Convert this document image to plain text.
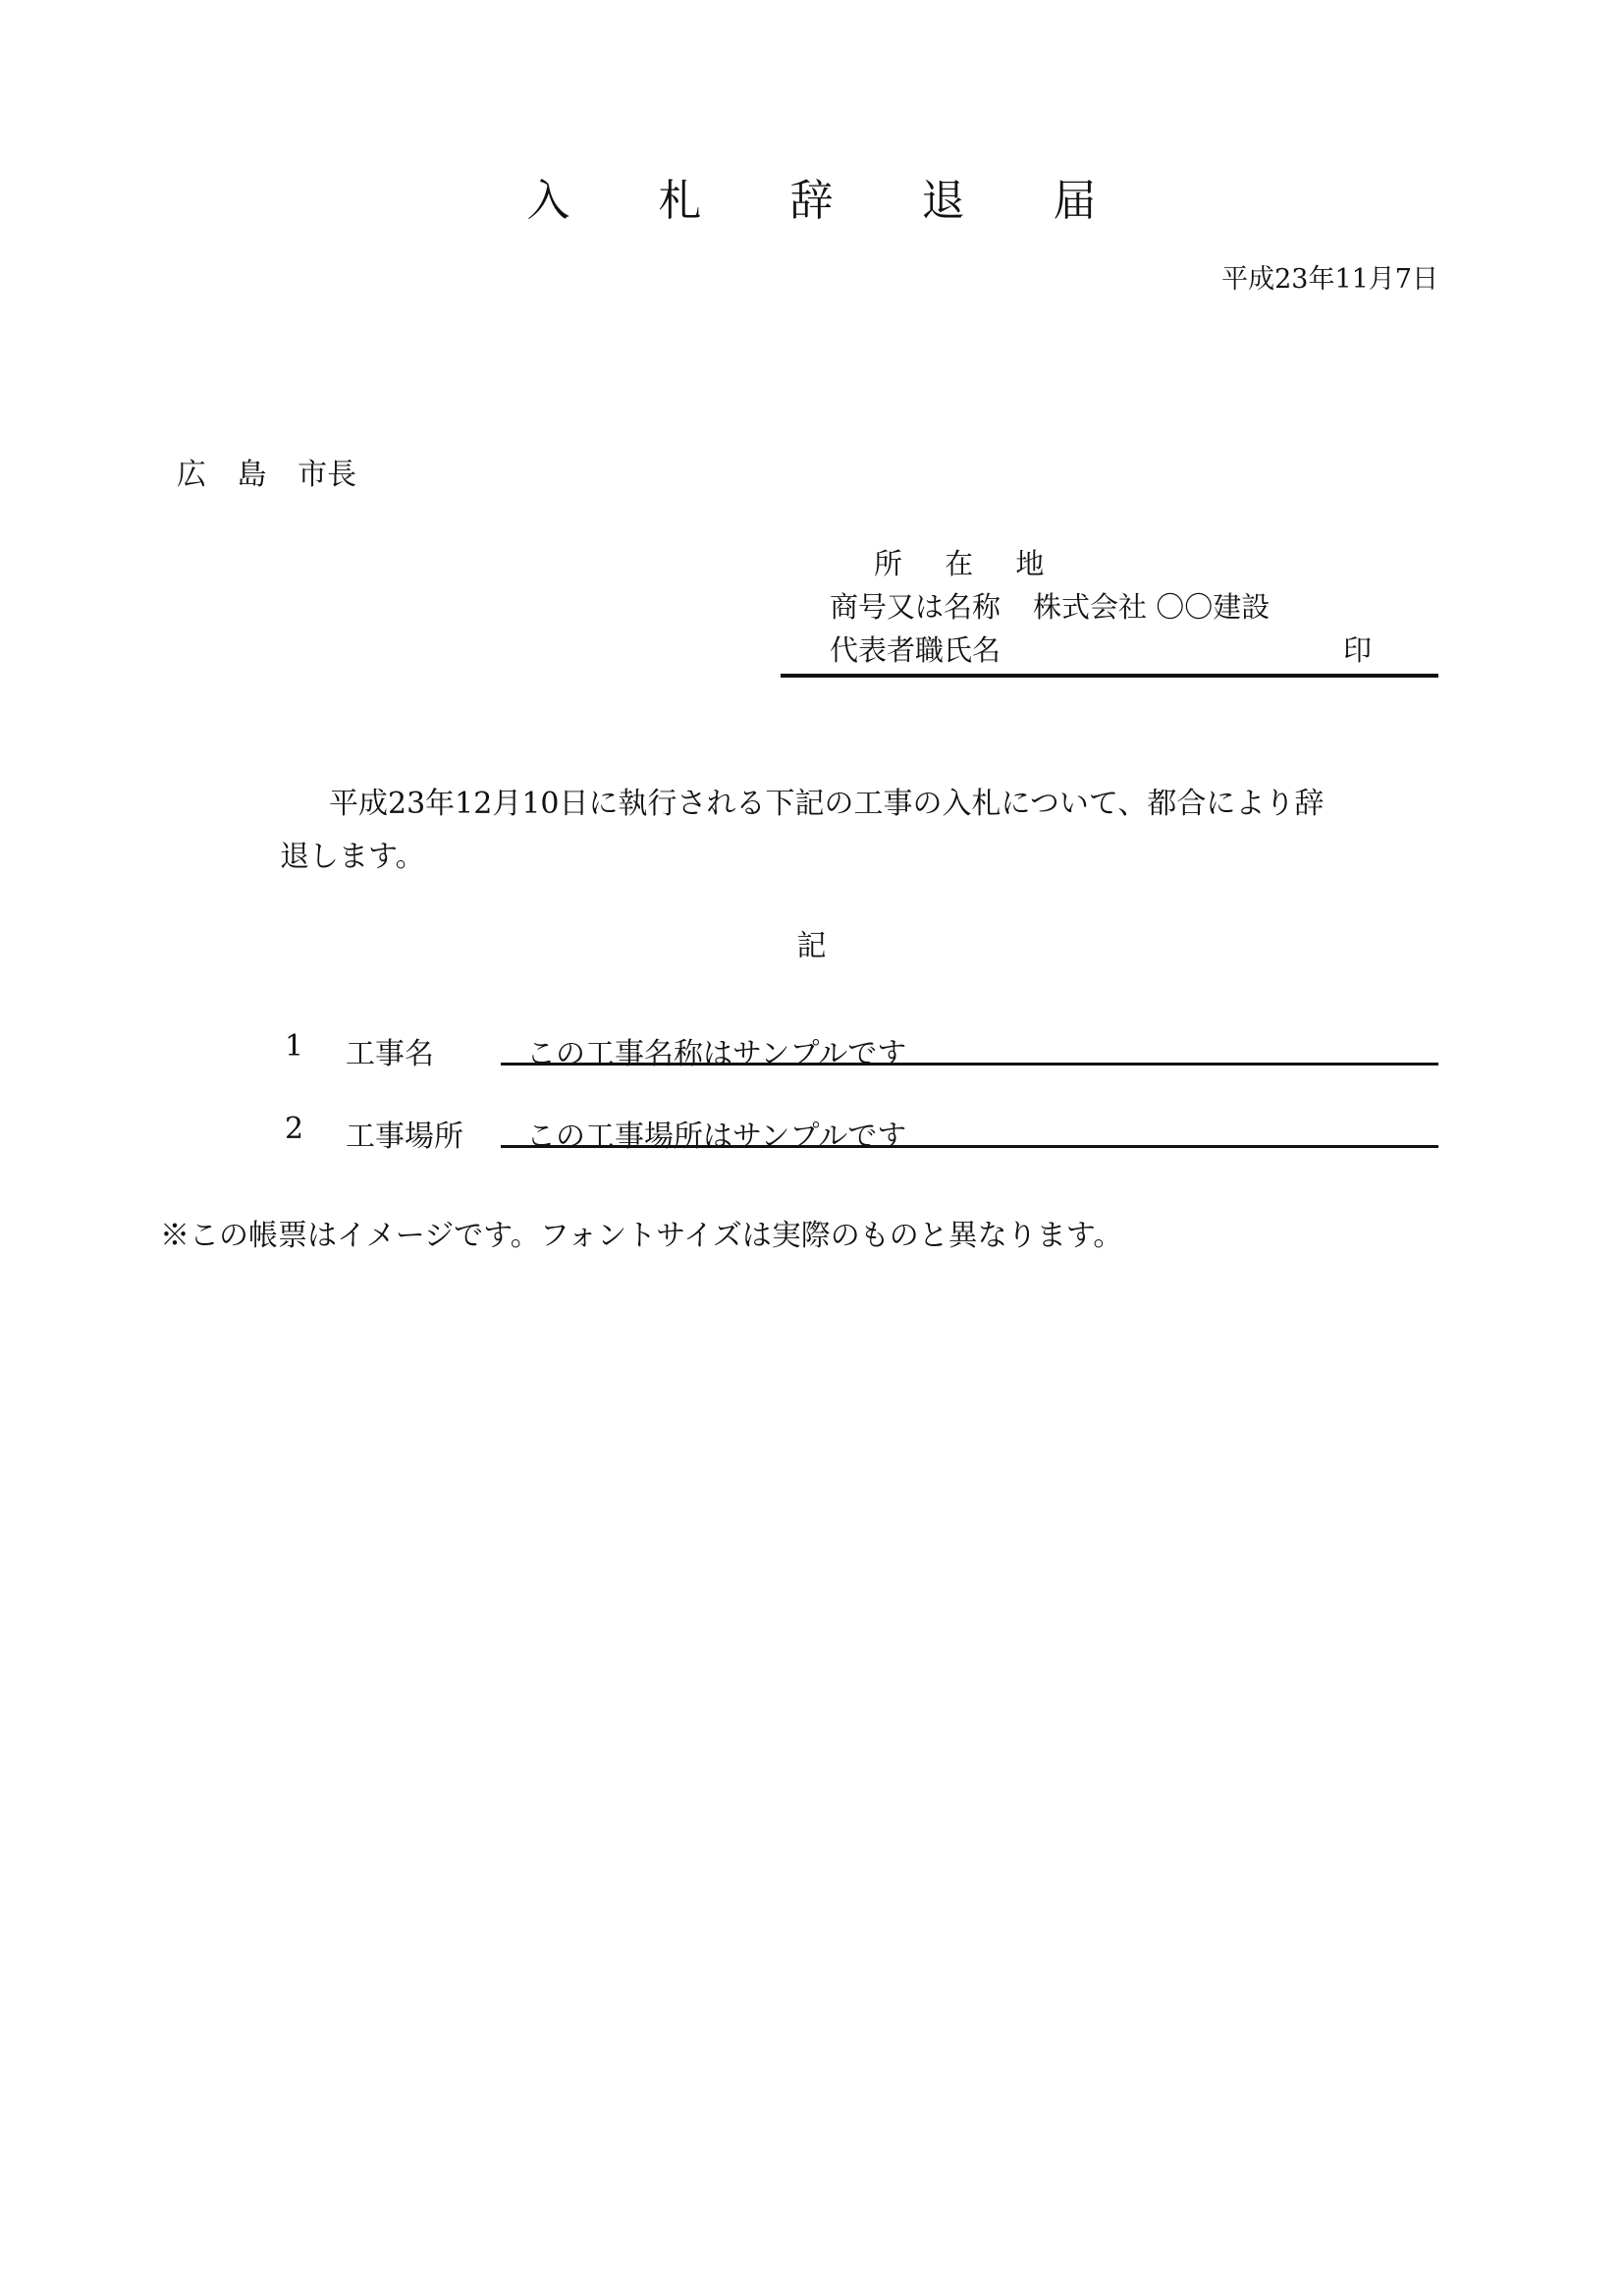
入 札 辞 退 届
平成23年11月7日
広 島 市長
所 在 地
商号又は名称 株式会社 〇〇建設
代表者職氏名	印

平成23年12月10日に執行される下記の工事の入札について、都合により辞

退します。

記
1 工事名	この工事名称はサンプルです
2 工事場所 この工事場所はサンプルです
※この帳票はイメージです。フォントサイズは実際のものと異なります。
